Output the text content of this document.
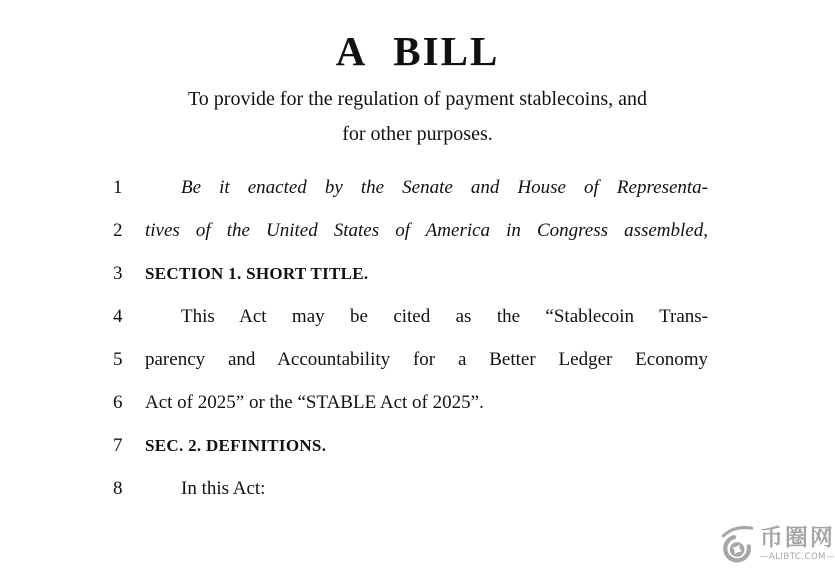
A BILL
To provide for the regulation of payment stablecoins, and
for other purposes.
1	Be it enacted by the Senate and House of Representa-
2 tives of the United States of America in Congress assembled,
3 SECTION 1. SHORT TITLE.
4	This Act may be cited as the “Stablecoin Trans-
5 parency and Accountability for a Better Ledger Economy
6 Act of 2025” or the “STABLE Act of 2025”.
7 SEC. 2. DEFINITIONS.
8	In this Act:
币圈网
—ALIBTC.COM—
